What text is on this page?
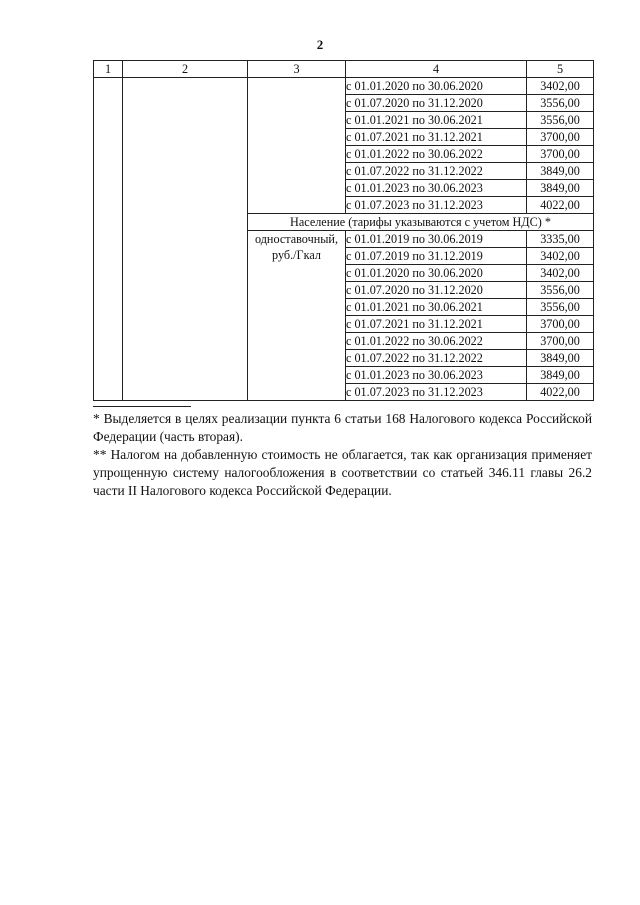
2
1	2	3	4	5
			с 01.01.2020 по 30.06.2020	3402,00
			с 01.07.2020 по 31.12.2020	3556,00
			с 01.01.2021 по 30.06.2021	3556,00
			с 01.07.2021 по 31.12.2021	3700,00
			с 01.01.2022 по 30.06.2022	3700,00
			с 01.07.2022 по 31.12.2022	3849,00
			с 01.01.2023 по 30.06.2023	3849,00
			с 01.07.2023 по 31.12.2023	4022,00
		Население (тарифы указываются с учетом НДС) *		
		одноставочный, руб./Гкал	с 01.01.2019 по 30.06.2019	3335,00
			с 01.07.2019 по 31.12.2019	3402,00
			с 01.01.2020 по 30.06.2020	3402,00
			с 01.07.2020 по 31.12.2020	3556,00
			с 01.01.2021 по 30.06.2021	3556,00
			с 01.07.2021 по 31.12.2021	3700,00
			с 01.01.2022 по 30.06.2022	3700,00
			с 01.07.2022 по 31.12.2022	3849,00
			с 01.01.2023 по 30.06.2023	3849,00
			с 01.07.2023 по 31.12.2023	4022,00

* Выделяется в целях реализации пункта 6 статьи 168 Налогового кодекса Российской Федерации (часть вторая).

** Налогом на добавленную стоимость не облагается, так как организация применяет упрощенную систему налогообложения в соответствии со статьей 346.11 главы 26.2 части II Налогового кодекса Российской Федерации.
